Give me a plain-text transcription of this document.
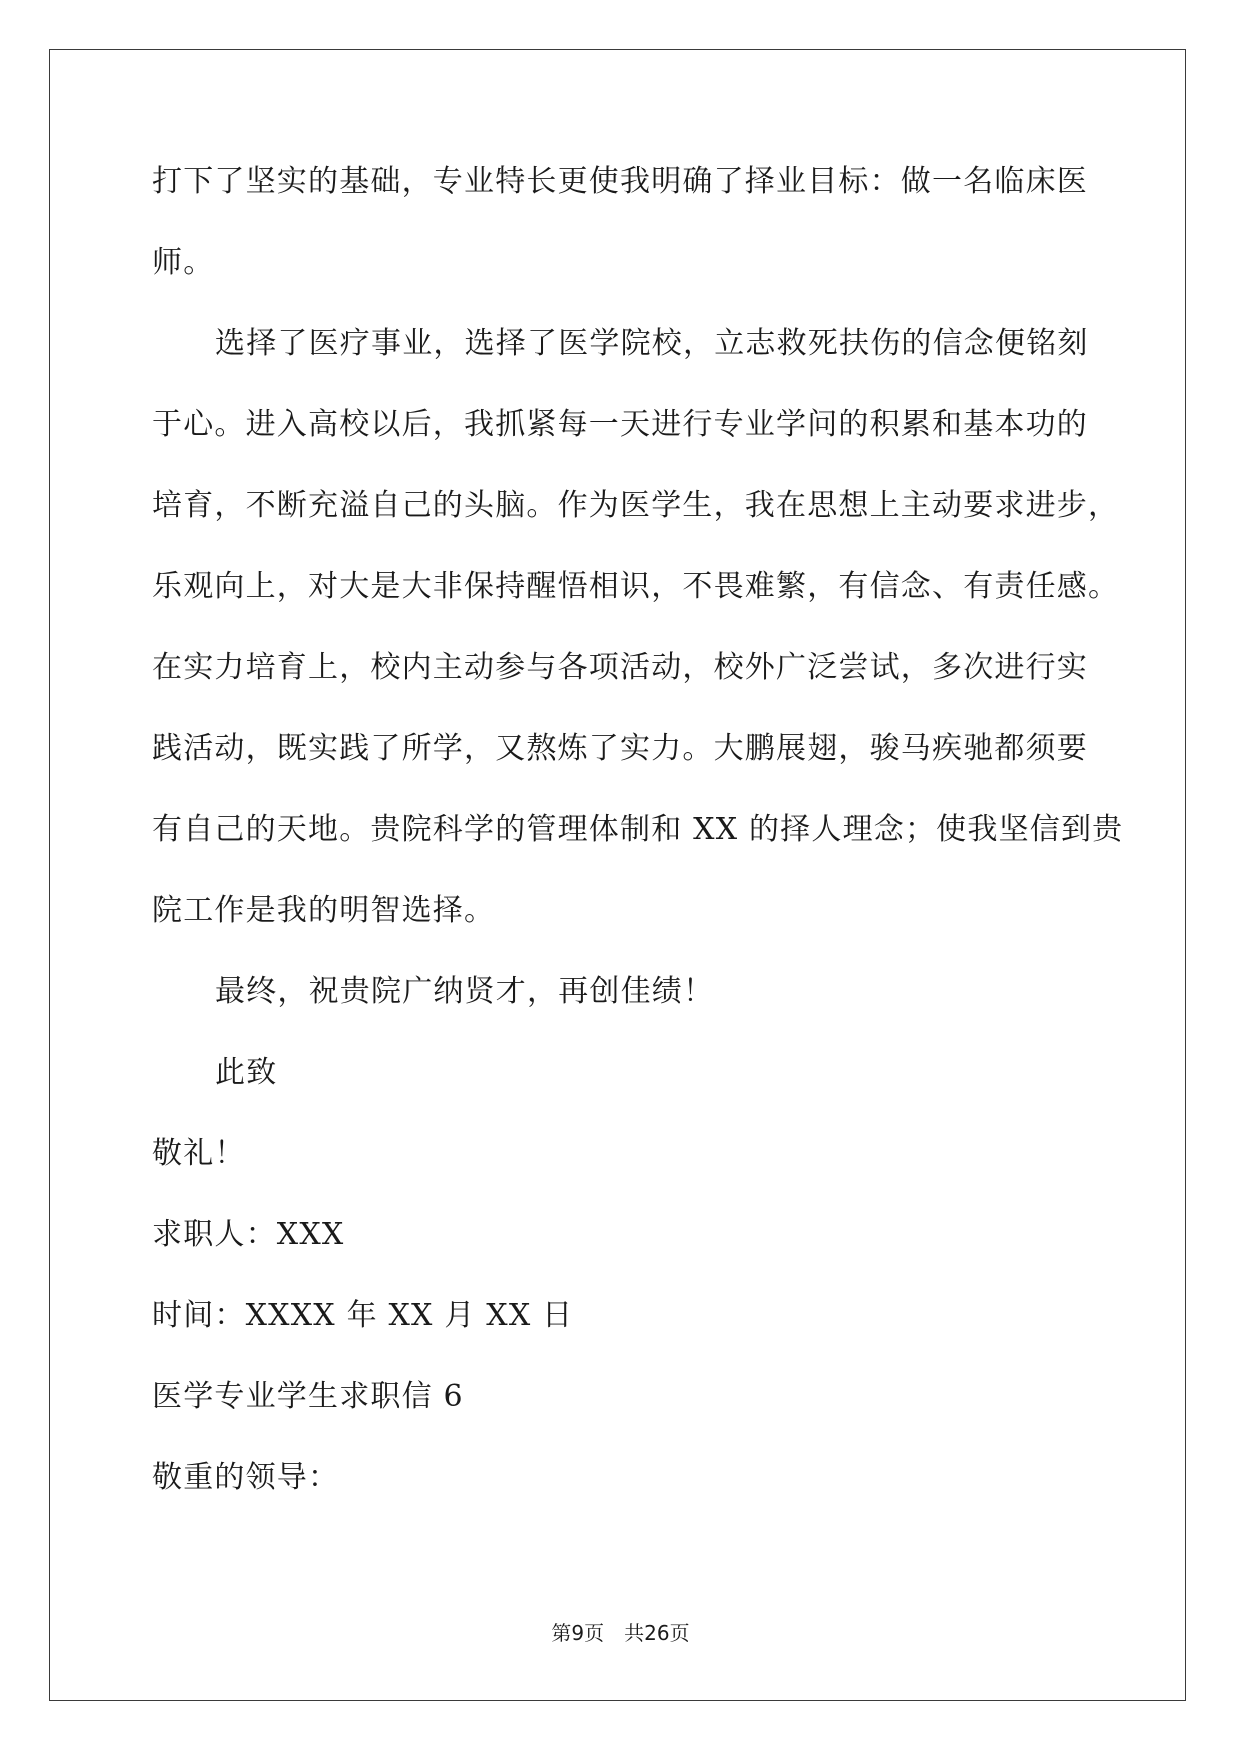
打下了坚实的基础，专业特长更使我明确了择业目标：做一名临床医
师。
选择了医疗事业，选择了医学院校，立志救死扶伤的信念便铭刻
于心。进入高校以后，我抓紧每一天进行专业学问的积累和基本功的
培育，不断充溢自己的头脑。作为医学生，我在思想上主动要求进步，
乐观向上，对大是大非保持醒悟相识，不畏难繁，有信念、有责任感。
在实力培育上，校内主动参与各项活动，校外广泛尝试，多次进行实
践活动，既实践了所学，又熬炼了实力。大鹏展翅，骏马疾驰都须要
有自己的天地。贵院科学的管理体制和 XX 的择人理念；使我坚信到贵
院工作是我的明智选择。
最终，祝贵院广纳贤才，再创佳绩！
此致
敬礼！
求职人：XXX
时间：XXXX 年 XX 月 XX 日
医学专业学生求职信 6
敬重的领导：
第9页　共26页
